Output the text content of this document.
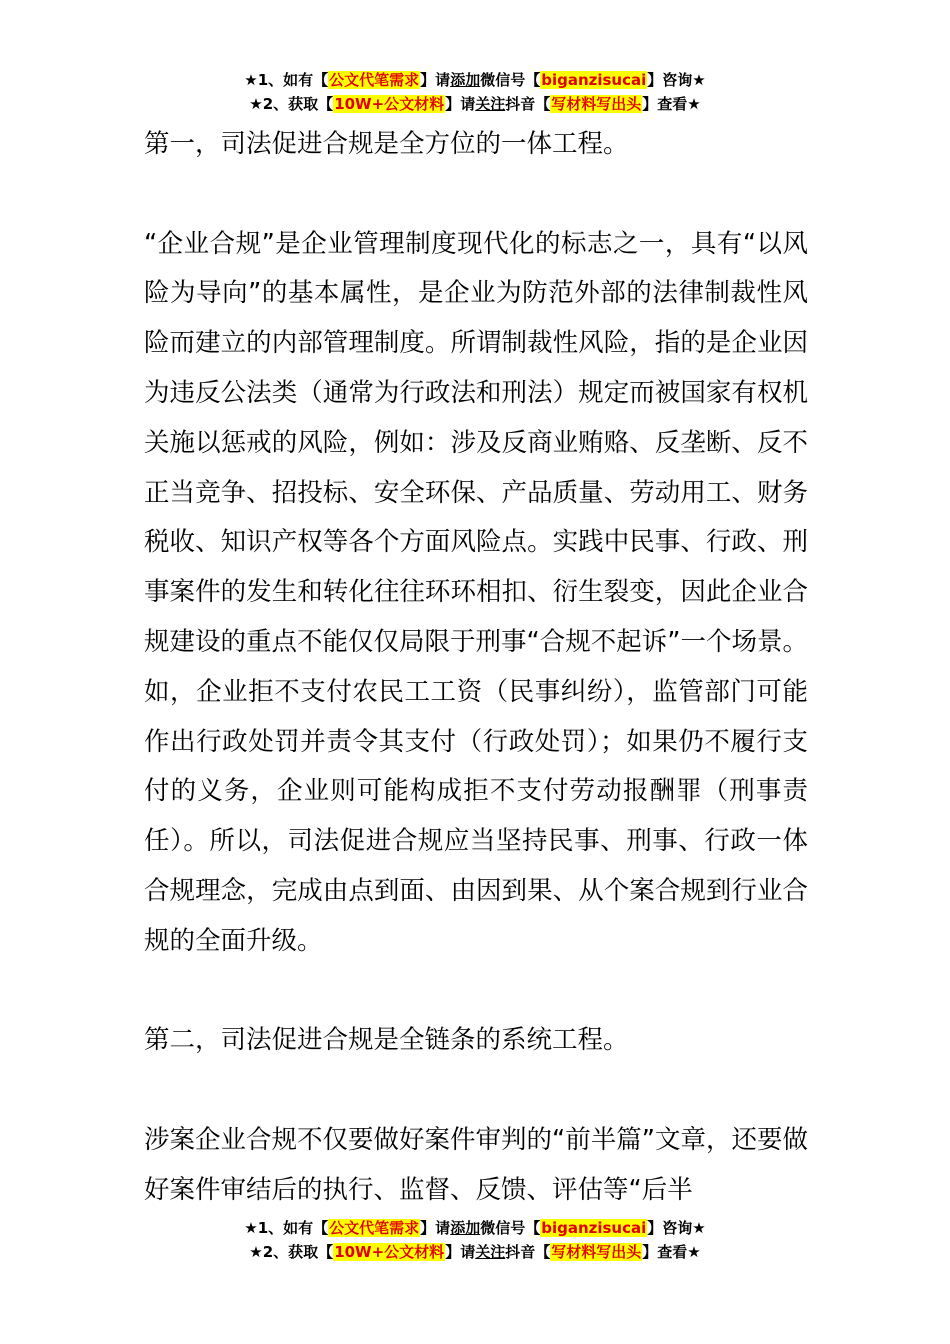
★1、如有【公文代笔需求】请添加微信号【biganzisucai】咨询★
★2、获取【10W+公文材料】请关注抖音【写材料写出头】查看★

第一，司法促进合规是全方位的一体工程。

“企业合规”是企业管理制度现代化的标志之一，具有“以风险为导向”的基本属性，是企业为防范外部的法律制裁性风险而建立的内部管理制度。所谓制裁性风险，指的是企业因为违反公法类（通常为行政法和刑法）规定而被国家有权机关施以惩戒的风险，例如：涉及反商业贿赂、反垄断、反不正当竞争、招投标、安全环保、产品质量、劳动用工、财务税收、知识产权等各个方面风险点。实践中民事、行政、刑事案件的发生和转化往往环环相扣、衍生裂变，因此企业合规建设的重点不能仅仅局限于刑事“合规不起诉”一个场景。如，企业拒不支付农民工工资（民事纠纷），监管部门可能作出行政处罚并责令其支付（行政处罚）；如果仍不履行支付的义务，企业则可能构成拒不支付劳动报酬罪（刑事责任）。所以，司法促进合规应当坚持民事、刑事、行政一体合规理念，完成由点到面、由因到果、从个案合规到行业合规的全面升级。

第二，司法促进合规是全链条的系统工程。

涉案企业合规不仅要做好案件审判的“前半篇”文章，还要做好案件审结后的执行、监督、反馈、评估等“后半

★1、如有【公文代笔需求】请添加微信号【biganzisucai】咨询★
★2、获取【10W+公文材料】请关注抖音【写材料写出头】查看★
